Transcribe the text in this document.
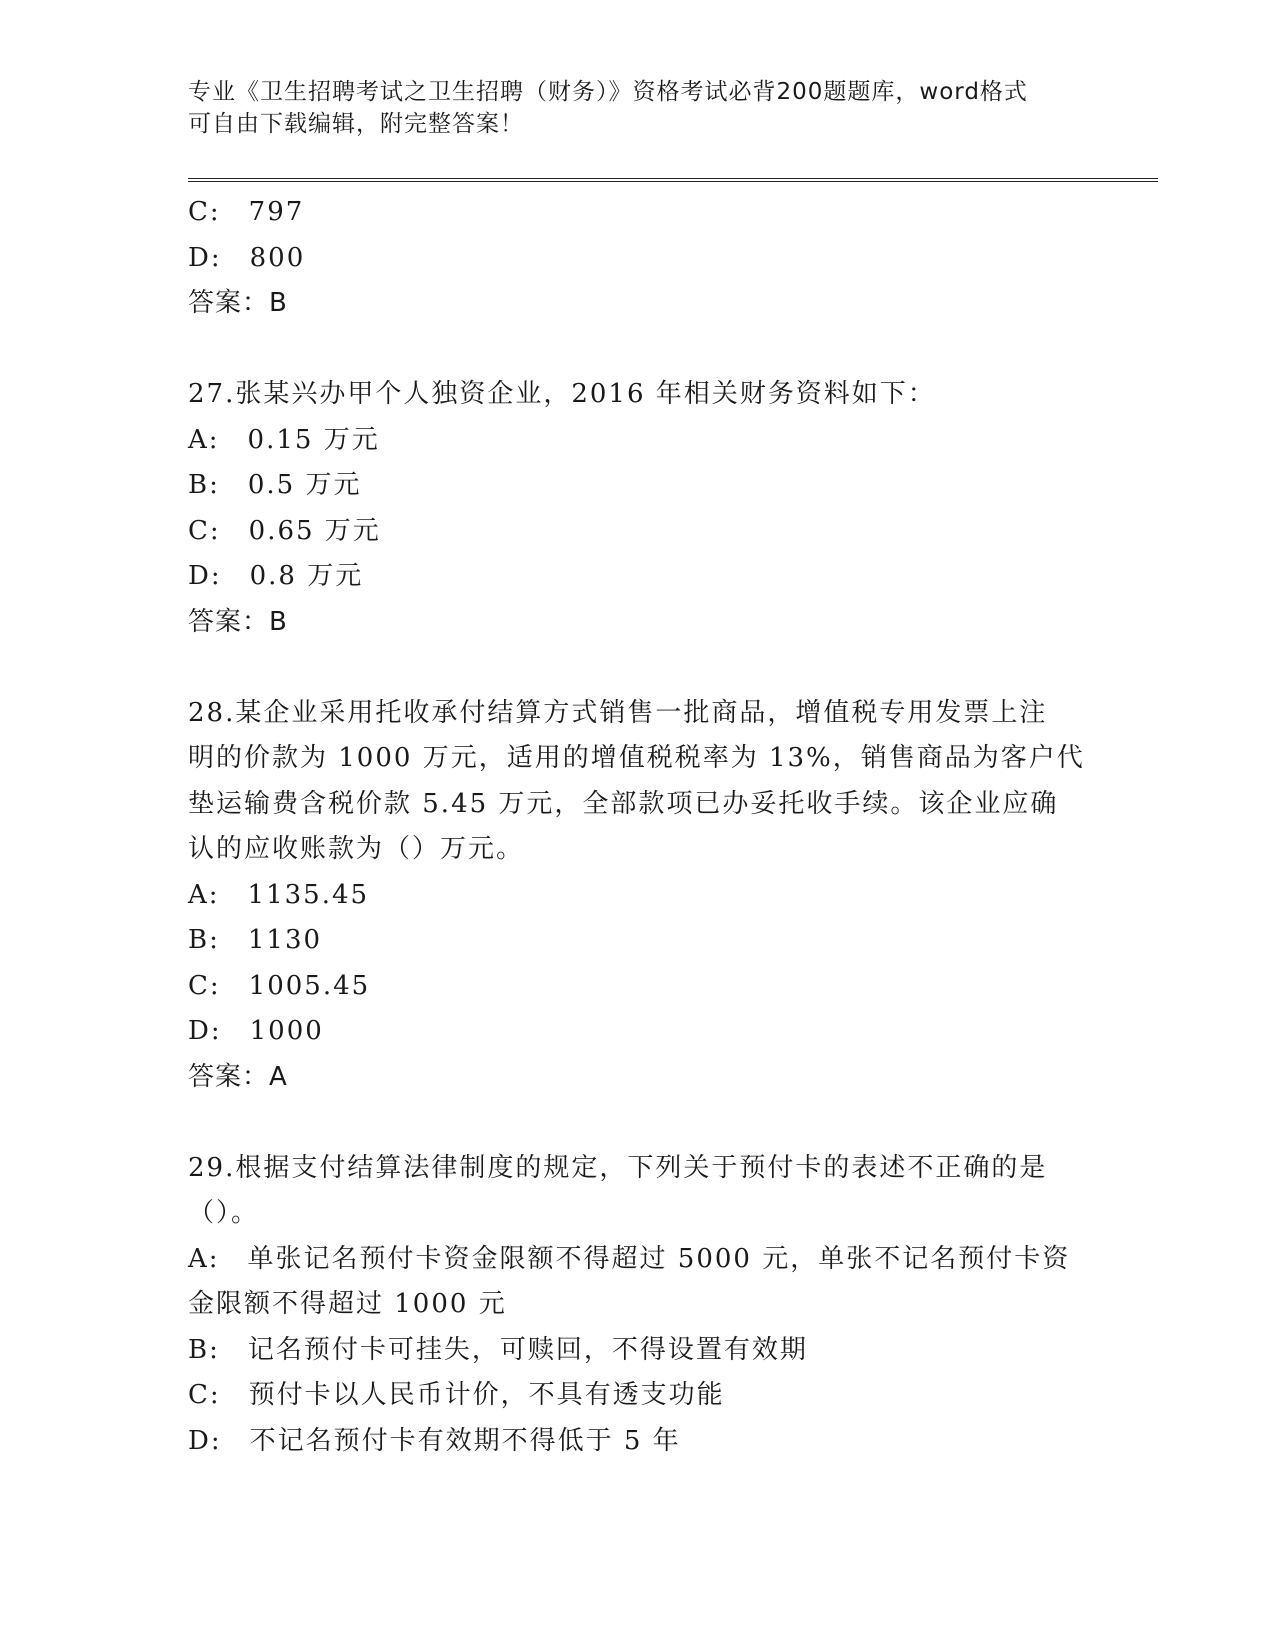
专业《卫生招聘考试之卫生招聘（财务）》资格考试必背200题题库，word格式
可自由下载编辑，附完整答案！
C:　797
D:　800
答案：B
27.张某兴办甲个人独资企业，2016 年相关财务资料如下：
A:　0.15 万元
B:　0.5 万元
C:　0.65 万元
D:　0.8 万元
答案：B
28.某企业采用托收承付结算方式销售一批商品，增值税专用发票上注
明的价款为 1000 万元，适用的增值税税率为 13%，销售商品为客户代
垫运输费含税价款 5.45 万元，全部款项已办妥托收手续。该企业应确
认的应收账款为（）万元。
A:　1135.45
B:　1130
C:　1005.45
D:　1000
答案：A
29.根据支付结算法律制度的规定，下列关于预付卡的表述不正确的是
（）。
A:　单张记名预付卡资金限额不得超过 5000 元，单张不记名预付卡资
金限额不得超过 1000 元
B:　记名预付卡可挂失，可赎回，不得设置有效期
C:　预付卡以人民币计价，不具有透支功能
D:　不记名预付卡有效期不得低于 5 年
